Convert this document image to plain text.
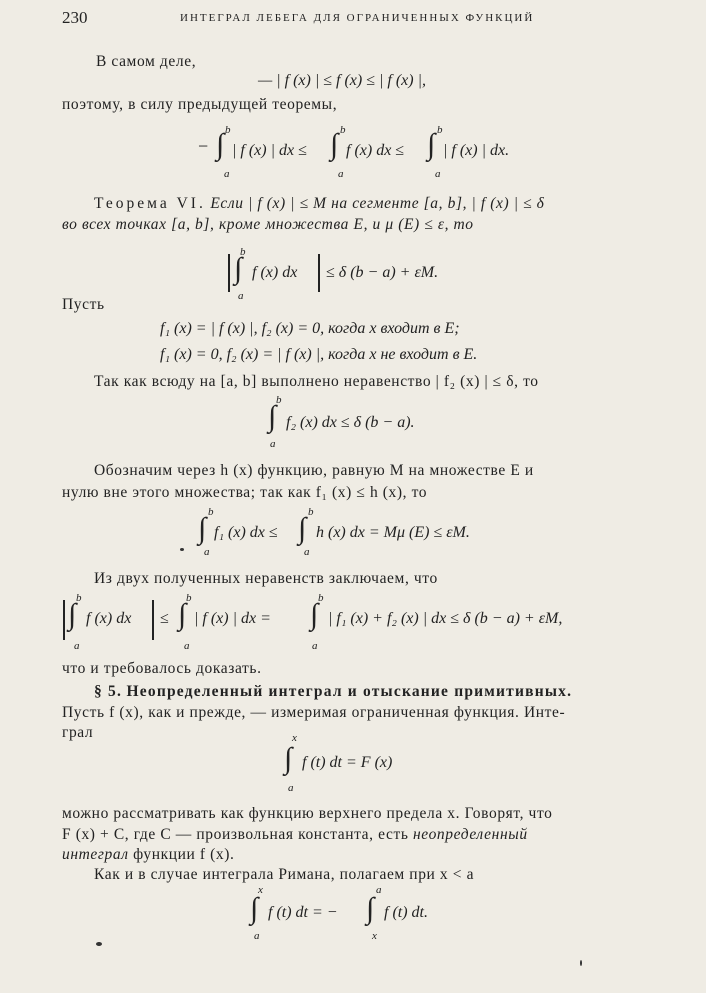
230	ИНТЕГРАЛ ЛЕБЕГА ДЛЯ ОГРАНИЧЕННЫХ ФУНКЦИЙ
В самом деле,
— | f (x) | ≤ f (x) ≤ | f (x) |,
поэтому, в силу предыдущей теоремы,
b
− ∫ | f (x) | dx ≤
a
b
∫ f (x) dx ≤
a
b
∫ | f (x) | dx.
a
Теорема VI. Если | f (x) | ≤ M на сегменте [a, b], | f (x) | ≤ δ
во всех точках [a, b], кроме множества E, и μ (E) ≤ ε, то
b
∫ f (x) dx
a
≤ δ (b − a) + εM.
Пусть
f₁ (x) = | f (x) |, f₂ (x) = 0, когда x входит в E;
f₁ (x) = 0, f₂ (x) = | f (x) |, когда x не входит в E.
Так как всюду на [a, b] выполнено неравенство | f₂ (x) | ≤ δ, то
b
∫ f₂ (x) dx ≤ δ (b − a).
a
Обозначим через h (x) функцию, равную M на множестве E и
нулю вне этого множества; так как f₁ (x) ≤ h (x), то
b
∫ f₁ (x) dx ≤
a
b
∫ h (x) dx = Mμ (E) ≤ εM.
a
Из двух полученных неравенств заключаем, что
b
∫ f (x) dx
a
≤
b
∫ | f (x) | dx =
a
b
∫ | f₁ (x) + f₂ (x) | dx ≤ δ (b − a) + εM,
a
что и требовалось доказать.
§ 5. Неопределенный интеграл и отыскание примитивных.
Пусть f (x), как и прежде, — измеримая ограниченная функция. Инте-
грал	x
∫ f (t) dt = F (x)
a
можно рассматривать как функцию верхнего предела x. Говорят, что
F (x) + C, где C — произвольная константа, есть неопределенный
интеграл функции f (x).
Как и в случае интеграла Римана, полагаем при x < a
x
∫ f (t) dt = −
a
a
∫ f (t) dt.
x
